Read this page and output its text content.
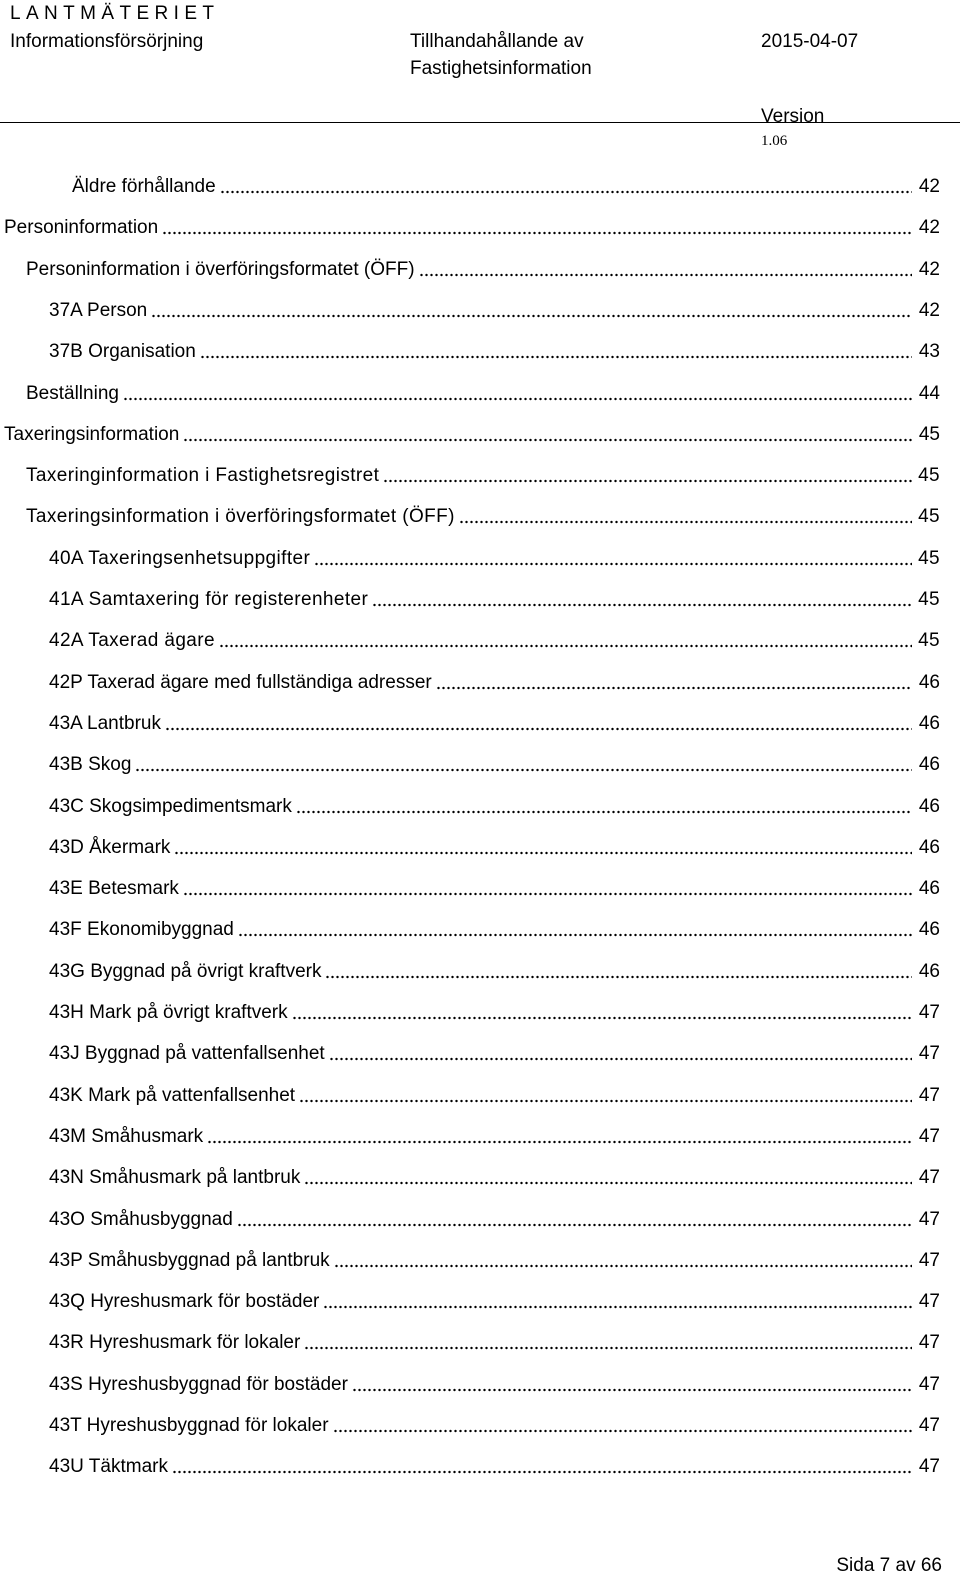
LANTMÄTERIET
Informationsförsörjning	Tillhandahållande av
Fastighetsinformation
2015-04-07
Version
1.06
Äldre förhållande	42
Personinformation	42
Personinformation i överföringsformatet (ÖFF)	42
37A Person	42
37B Organisation	43
Beställning	44
Taxeringsinformation	45
Taxeringinformation i Fastighetsregistret	45
Taxeringsinformation i överföringsformatet (ÖFF)	45
40A Taxeringsenhetsuppgifter	45
41A Samtaxering för registerenheter	45
42A Taxerad ägare	45
42P Taxerad ägare med fullständiga adresser	46
43A Lantbruk	46
43B Skog	46
43C Skogsimpedimentsmark	46
43D Åkermark	46
43E Betesmark	46
43F Ekonomibyggnad	46
43G Byggnad på övrigt kraftverk	46
43H Mark på övrigt kraftverk	47
43J Byggnad på vattenfallsenhet	47
43K Mark på vattenfallsenhet	47
43M Småhusmark	47
43N Småhusmark på lantbruk	47
43O Småhusbyggnad	47
43P Småhusbyggnad på lantbruk	47
43Q Hyreshusmark för bostäder	47
43R Hyreshusmark för lokaler	47
43S Hyreshusbyggnad för bostäder	47
43T Hyreshusbyggnad för lokaler	47
43U Täktmark	47
Sida 7 av 66
